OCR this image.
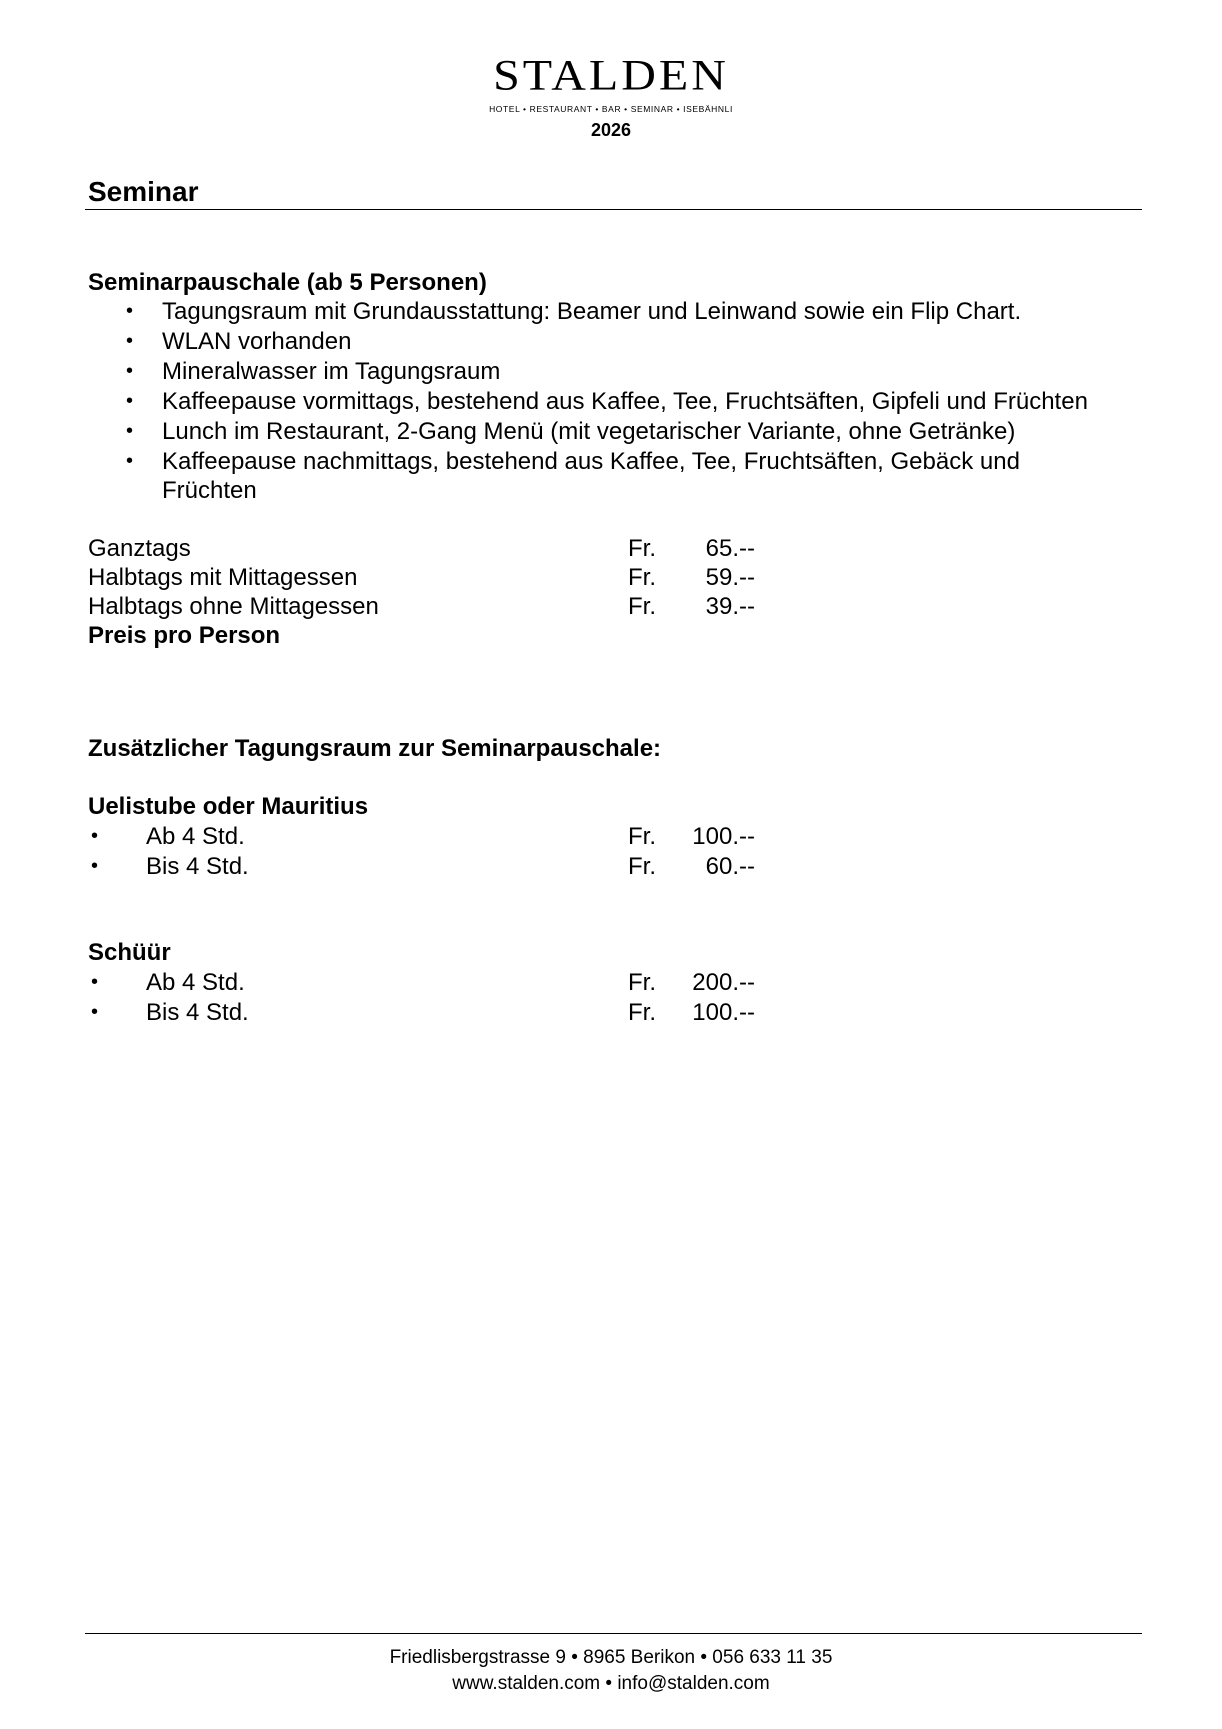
STALDEN
HOTEL • RESTAURANT • BAR • SEMINAR • ISEBÄHNLI
2026
Seminar
Seminarpauschale (ab 5 Personen)
• Tagungsraum mit Grundausstattung: Beamer und Leinwand sowie ein Flip Chart.
• WLAN vorhanden
• Mineralwasser im Tagungsraum
• Kaffeepause vormittags, bestehend aus Kaffee, Tee, Fruchtsäften, Gipfeli und Früchten
• Lunch im Restaurant, 2-Gang Menü (mit vegetarischer Variante, ohne Getränke)
• Kaffeepause nachmittags, bestehend aus Kaffee, Tee, Fruchtsäften, Gebäck und
Früchten
Ganztags	Fr.	65.--
Halbtags mit Mittagessen	Fr.	59.--
Halbtags ohne Mittagessen	Fr.	39.--
Preis pro Person
Zusätzlicher Tagungsraum zur Seminarpauschale:
Uelistube oder Mauritius
• Ab 4 Std.	Fr.	100.--
• Bis 4 Std.	Fr.	60.--
Schüür
• Ab 4 Std.	Fr.	200.--
• Bis 4 Std.	Fr.	100.--
Friedlisbergstrasse 9 • 8965 Berikon • 056 633 11 35
www.stalden.com • info@stalden.com
